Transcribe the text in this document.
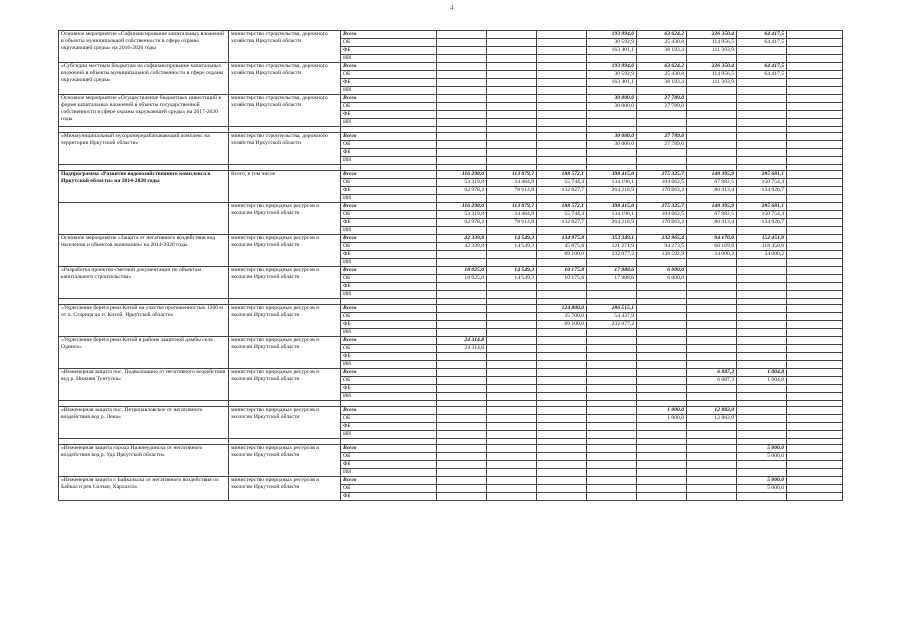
4
Основное мероприятие «Софинансирование капитальных вложений в объекты муниципальной собственности в сфере охраны окружающей среды» на 2016-2020 годы	министерство строительства, дорожного хозяйства Иркутской области	Всего				193 994,0	63 624,2	226 350,4	64 417,5	
		ОБ				30 592,9	25 430,8	114 956,5	64 417,5	
		ФБ				163 401,1	38 193,4	111 393,9		
		ИИ								
«Субсидии местным бюджетам на софинансирование капитальных вложений в объекты муниципальной собственности в сфере охраны окружающей среды»	министерство строительства, дорожного хозяйства Иркутской области	Всего				193 994,0	63 624,2	226 350,4	64 417,5	
		ОБ				30 592,9	25 430,8	114 956,5	64 417,5	
		ФБ				163 401,1	38 193,4	111 393,9		
		ИИ								
Основное мероприятие «Осуществление бюджетных инвестиций в форме капитальных вложений в объекты государственной собственности в сфере охраны окружающей среды» на 2017-2020 годы	министерство строительства, дорожного хозяйства Иркутской области	Всего				30 000,0	27 789,0			
		ОБ				30 000,0	27 789,0			
		ФБ								
		ИИ								

«Межмуниципальный мусороперерабатывающий комплекс на территории Иркутской области»	министерство строительства, дорожного хозяйства Иркутской области	Всего				30 000,0	27 789,0			
		ОБ				30 000,0	27 789,0			
		ФБ								
		ИИ								

Подпрограмма «Развитие водохозяйственного комплекса в Иркутской области» на 2014-2020 годы	Всего, в том числе	Всего	116 298,0	113 079,7	188 572,1	398 415,0	275 325,7	148 395,9	285 681,1	
		ОБ	53 319,8	34 464,9	55 744,4	134 196,1	104 662,5	67 982,5	150 754,4	
		ФБ	62 978,2	78 614,8	132 827,7	264 218,9	170 663,2	80 413,4	134 926,7	
		ИИ								
	министерство природных ресурсов и экологии Иркутской области	Всего	116 298,0	113 079,7	188 572,1	398 415,0	275 325,7	148 395,9	285 681,1	
		ОБ	53 319,8	34 464,9	55 744,4	134 196,1	104 662,5	67 982,5	150 754,4	
		ФБ	62 978,2	78 614,8	132 827,7	264 218,9	170 663,2	80 413,4	134 926,7	
		ИИ								
Основное мероприятие «Защита от негативного воздействия вод населения и объектов экономики» на 2014-2020 годы	министерство природных ресурсов и экологии Иркутской области	Всего	42 339,8	14 549,3	134 975,8	353 349,1	232 965,4	94 170,0	152 451,0	
		ОБ	42 339,8	14 549,3	45 875,8	121 271,9	94 273,5	60 169,8	118 450,8	
		ФБ			89 100,0	232 077,2	138 592,9	34 000,2	34 000,2	
		ИИ								
«Разработка проектно-сметной документации по объектам капитального строительства»	министерство природных ресурсов и экологии Иркутской области	Всего	18 025,0	14 549,3	10 175,8	17 988,6	6 000,0			
		ОБ	18 025,0	14 549,3	10 175,8	17 988,6	6 000,0			
		ФБ								
		ИИ								

«Укрепление берега реки Китой на участке протяженностью 1200 м от п. Старица до п. Китой, Иркутской области»	министерство природных ресурсов и экологии Иркутской области	Всего			124 800,0	286 515,1				
		ОБ			35 700,0	54 437,9				
		ФБ			89 100,0	232 077,2				
		ИИ								
«Укрепление берега реки Китой в районе защитной дамбы села Одинск»	министерство природных ресурсов и экологии Иркутской области	Всего	24 314,8							
		ОБ	24 314,8							
		ФБ								
		ИИ								
«Инженерная защита пос. Подволошино от негативного воздействия вод р. Нижняя Тунгуска»	министерство природных ресурсов и экологии Иркутской области	Всего						6 087,3	1 004,8	
		ОБ						6 087,3	1 004,8	
		ФБ								
		ИИ								

«Инженерная защита пос. Петропавловское от негативного воздействия вод р. Лена»	министерство природных ресурсов и экологии Иркутской области	Всего					1 000,0	12 882,0		
		ОБ					1 000,0	12 882,0		
		ФБ								
		ИИ								

«Инженерная защита города Нижнеудинска от негативного воздействия вод р. Уда Иркутской области»	министерство природных ресурсов и экологии Иркутской области	Всего							5 000,0	
		ОБ							5 000,0	
		ФБ								
		ИИ								
«Инженерная защита г. Байкальска от негативного воздействия оз. Байкал и рек Солзан, Харлахта»	министерство природных ресурсов и экологии Иркутской области	Всего							5 000,0	
		ОБ							5 000,0	
		ФБ								
